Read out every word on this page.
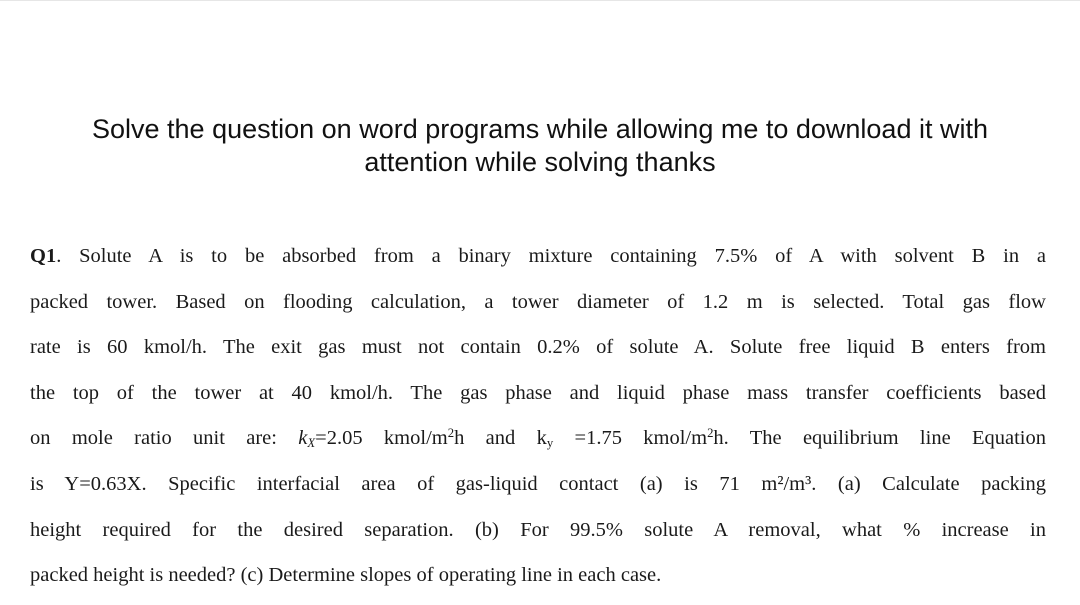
Solve the question on word programs while allowing me to download it with
attention while solving thanks
Q1. Solute A is to be absorbed from a binary mixture containing 7.5% of A with solvent B in a
packed tower. Based on flooding calculation, a tower diameter of 1.2 m is selected. Total gas flow
rate is 60 kmol/h. The exit gas must not contain 0.2% of solute A. Solute free liquid B enters from
the top of the tower at 40 kmol/h. The gas phase and liquid phase mass transfer coefficients based
on mole ratio unit are: $k_X=2.05$ kmol/$m^2h$ and $k_y =1.75$ kmol/$m^2h$. The equilibrium line Equation
is Y=0.63X. Specific interfacial area of gas-liquid contact (a) is 71 m²/m³. (a) Calculate packing
height required for the desired separation. (b) For 99.5% solute A removal, what % increase in
packed height is needed? (c) Determine slopes of operating line in each case.
